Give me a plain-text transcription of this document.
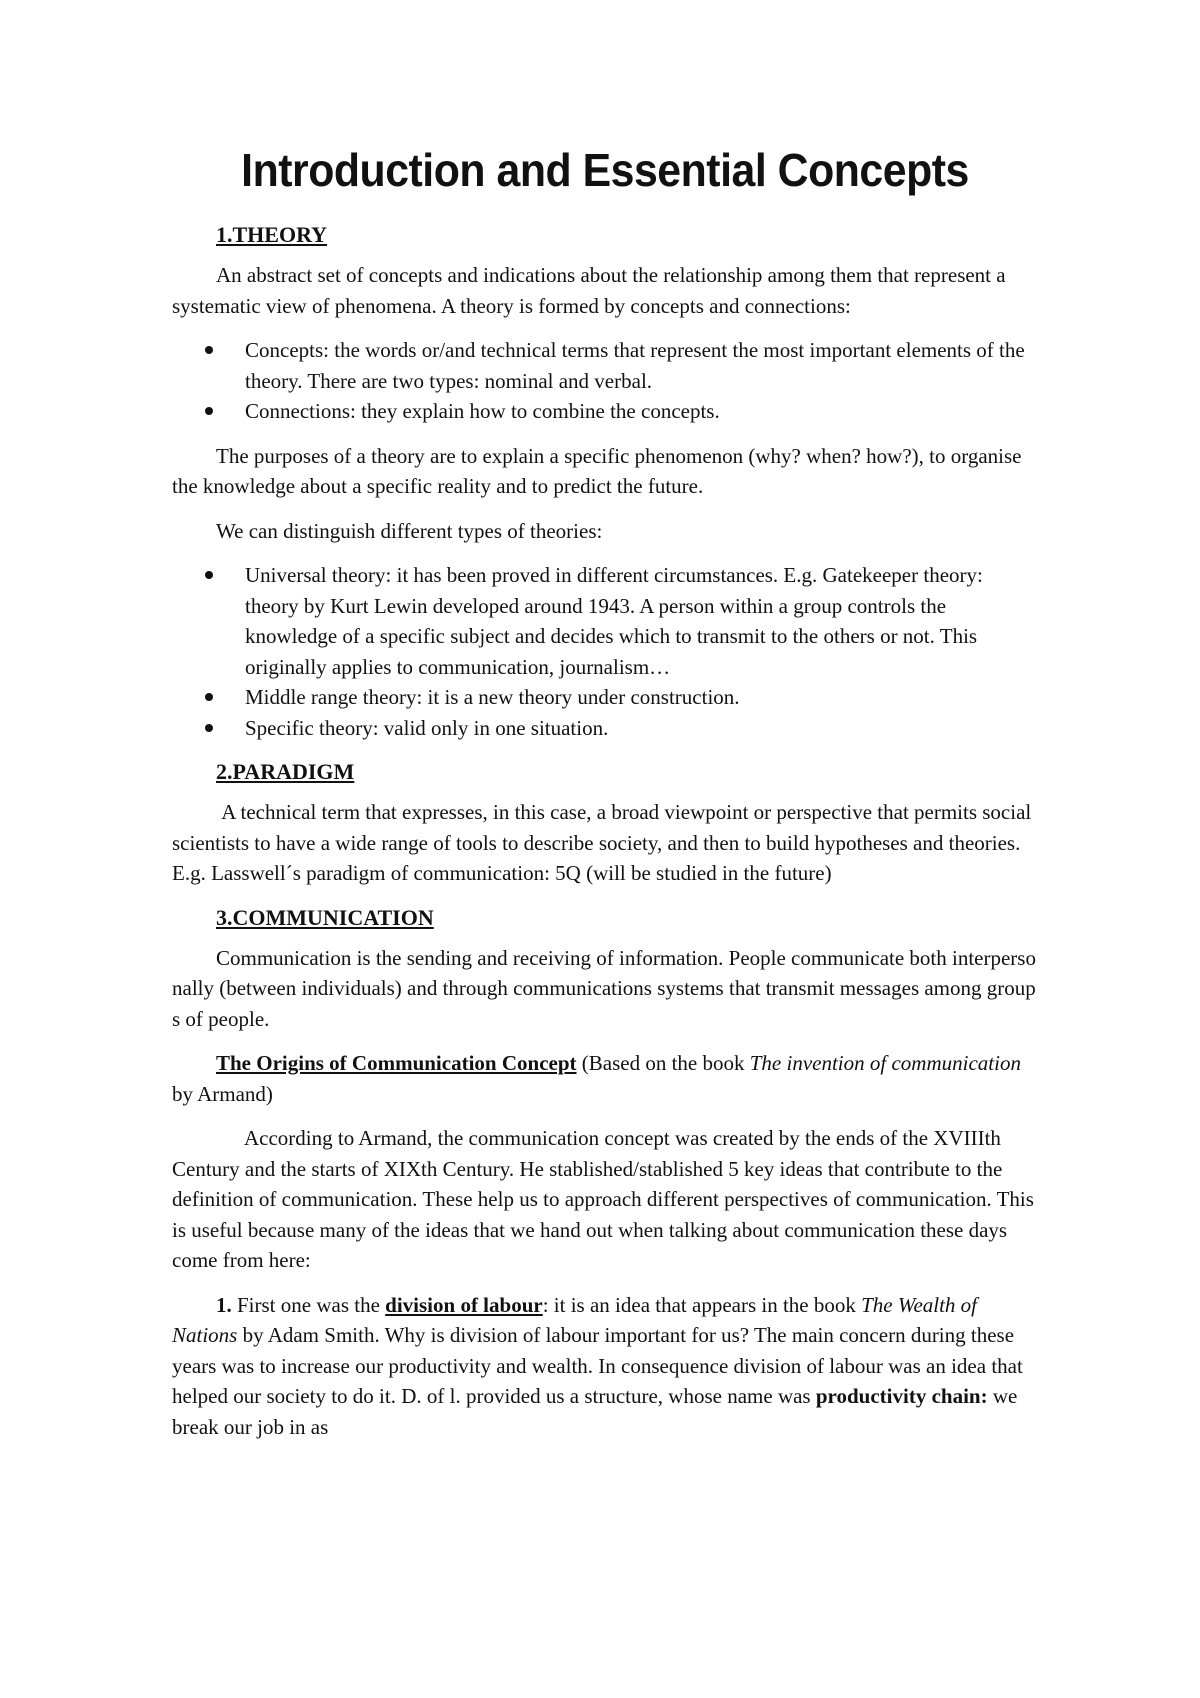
Introduction and Essential Concepts
1.THEORY

An abstract set of concepts and indications about the relationship among them that represent a systematic view of phenomena. A theory is formed by concepts and connections:

Concepts: the words or/and technical terms that represent the most important elements of the theory. There are two types: nominal and verbal.
Connections: they explain how to combine the concepts.

The purposes of a theory are to explain a specific phenomenon (why? when? how?), to organise the knowledge about a specific reality and to predict the future.

We can distinguish different types of theories:

Universal theory: it has been proved in different circumstances. E.g. Gatekeeper theory: theory by Kurt Lewin developed around 1943. A person within a group controls the knowledge of a specific subject and decides which to transmit to the others or not. This originally applies to communication, journalism…
Middle range theory: it is a new theory under construction.
Specific theory: valid only in one situation.
2.PARADIGM

A technical term that expresses, in this case, a broad viewpoint or perspective that permits social scientists to have a wide range of tools to describe society, and then to build hypotheses and theories. E.g. Lasswell´s paradigm of communication: 5Q (will be studied in the future)

3.COMMUNICATION

Communication is the sending and receiving of information. People communicate both interpersonally (between individuals) and through communications systems that transmit messages among groups of people.

The Origins of Communication Concept (Based on the book The invention of communication by Armand)

According to Armand, the communication concept was created by the ends of the XVIIIth Century and the starts of XIXth Century. He stablished/stablished 5 key ideas that contribute to the definition of communication. These help us to approach different perspectives of communication. This is useful because many of the ideas that we hand out when talking about communication these days come from here:

1. First one was the division of labour: it is an idea that appears in the book The Wealth of Nations by Adam Smith. Why is division of labour important for us? The main concern during these years was to increase our productivity and wealth. In consequence division of labour was an idea that helped our society to do it. D. of l. provided us a structure, whose name was productivity chain: we break our job in as
